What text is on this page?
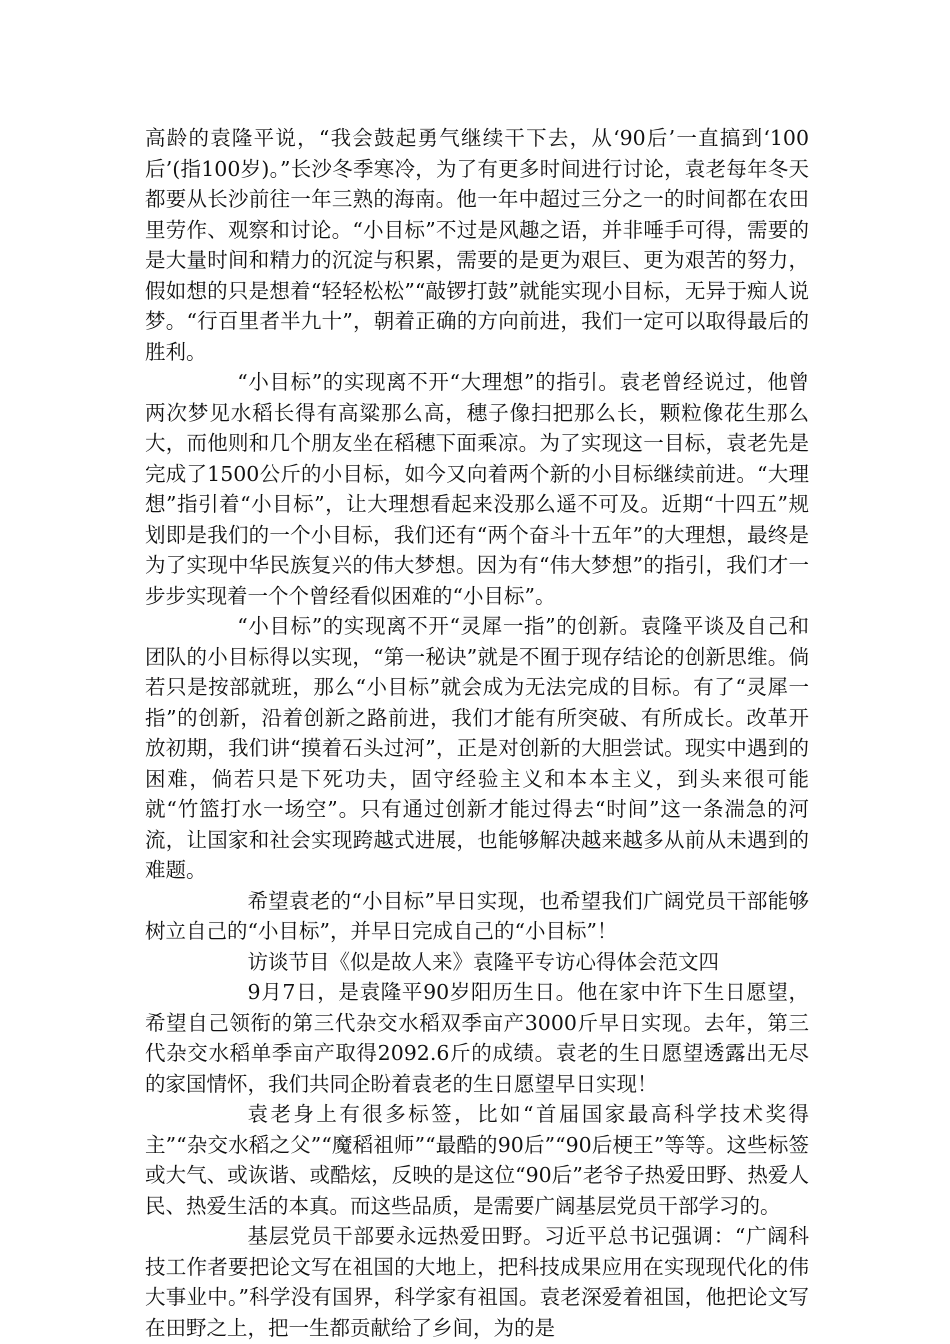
高龄的袁隆平说，“我会鼓起勇气继续干下去，从‘90后’一直搞到‘100后’(指100岁)。”长沙冬季寒冷，为了有更多时间进行讨论，袁老每年冬天都要从长沙前往一年三熟的海南。他一年中超过三分之一的时间都在农田里劳作、观察和讨论。“小目标”不过是风趣之语，并非唾手可得，需要的是大量时间和精力的沉淀与积累，需要的是更为艰巨、更为艰苦的努力，假如想的只是想着“轻轻松松”“敲锣打鼓”就能实现小目标，无异于痴人说梦。“行百里者半九十”，朝着正确的方向前进，我们一定可以取得最后的胜利。

“小目标”的实现离不开“大理想”的指引。袁老曾经说过，他曾两次梦见水稻长得有高粱那么高，穗子像扫把那么长，颗粒像花生那么大，而他则和几个朋友坐在稻穗下面乘凉。为了实现这一目标，袁老先是完成了1500公斤的小目标，如今又向着两个新的小目标继续前进。“大理想”指引着“小目标”，让大理想看起来没那么遥不可及。近期“十四五”规划即是我们的一个小目标，我们还有“两个奋斗十五年”的大理想，最终是为了实现中华民族复兴的伟大梦想。因为有“伟大梦想”的指引，我们才一步步实现着一个个曾经看似困难的“小目标”。

“小目标”的实现离不开“灵犀一指”的创新。袁隆平谈及自己和团队的小目标得以实现，“第一秘诀”就是不囿于现存结论的创新思维。倘若只是按部就班，那么“小目标”就会成为无法完成的目标。有了“灵犀一指”的创新，沿着创新之路前进，我们才能有所突破、有所成长。改革开放初期，我们讲“摸着石头过河”，正是对创新的大胆尝试。现实中遇到的困难，倘若只是下死功夫，固守经验主义和本本主义，到头来很可能就“竹篮打水一场空”。只有通过创新才能过得去“时间”这一条湍急的河流，让国家和社会实现跨越式进展，也能够解决越来越多从前从未遇到的难题。

希望袁老的“小目标”早日实现，也希望我们广阔党员干部能够树立自己的“小目标”，并早日完成自己的“小目标”！

访谈节目《似是故人来》袁隆平专访心得体会范文四

9月7日，是袁隆平90岁阳历生日。他在家中许下生日愿望，希望自己领衔的第三代杂交水稻双季亩产3000斤早日实现。去年，第三代杂交水稻单季亩产取得2092.6斤的成绩。袁老的生日愿望透露出无尽的家国情怀，我们共同企盼着袁老的生日愿望早日实现！

袁老身上有很多标签，比如“首届国家最高科学技术奖得主”“杂交水稻之父”“魔稻祖师”“最酷的90后”“90后梗王”等等。这些标签或大气、或诙谐、或酷炫，反映的是这位“90后”老爷子热爱田野、热爱人民、热爱生活的本真。而这些品质，是需要广阔基层党员干部学习的。

基层党员干部要永远热爱田野。习近平总书记强调：“广阔科技工作者要把论文写在祖国的大地上，把科技成果应用在实现现代化的伟大事业中。”科学没有国界，科学家有祖国。袁老深爱着祖国，他把论文写在田野之上，把一生都贡献给了乡间，为的是
